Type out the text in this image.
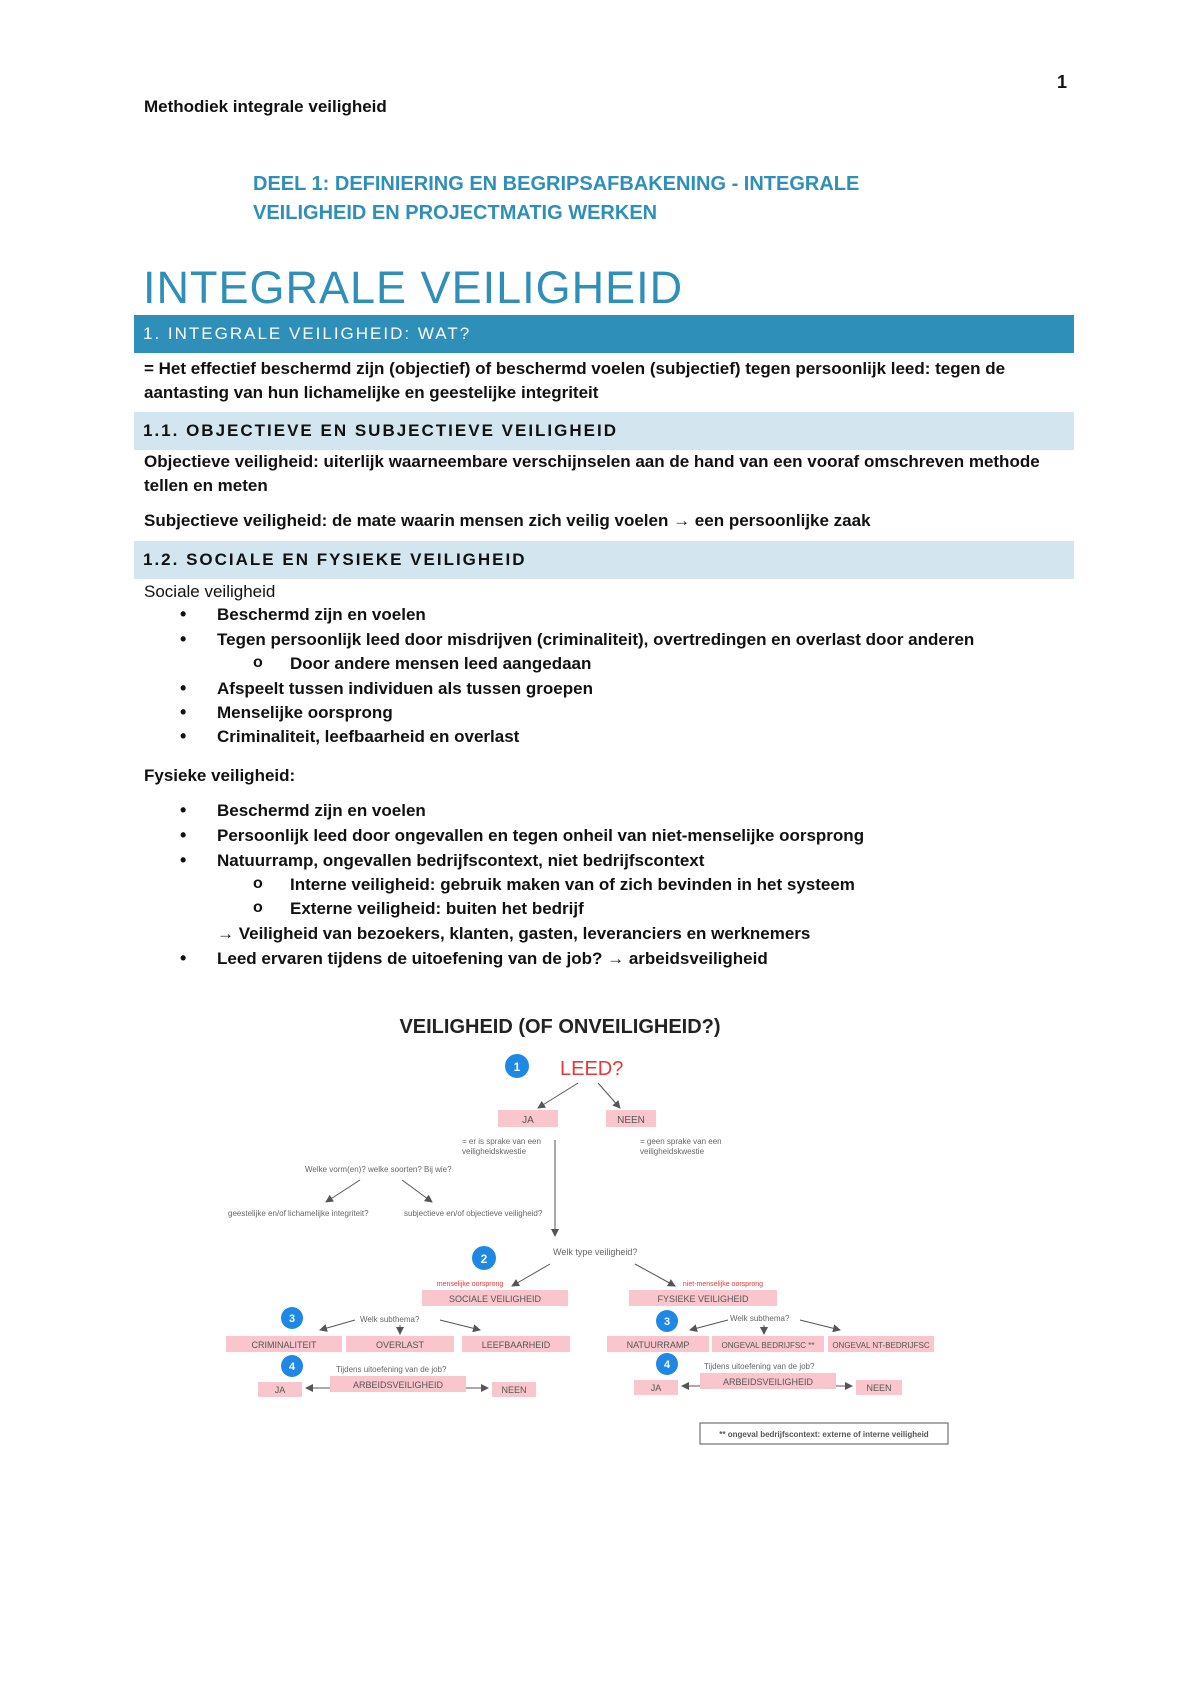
1
Methodiek integrale veiligheid
DEEL 1: DEFINIERING EN BEGRIPSAFBAKENING - INTEGRALE
VEILIGHEID EN PROJECTMATIG WERKEN
INTEGRALE VEILIGHEID
1. INTEGRALE VEILIGHEID: WAT?
= Het effectief beschermd zijn (objectief) of beschermd voelen (subjectief) tegen persoonlijk leed: tegen de aantasting van hun lichamelijke en geestelijke integriteit
1.1. OBJECTIEVE EN SUBJECTIEVE VEILIGHEID
Objectieve veiligheid: uiterlijk waarneembare verschijnselen aan de hand van een vooraf omschreven methode tellen en meten
Subjectieve veiligheid: de mate waarin mensen zich veilig voelen → een persoonlijke zaak
1.2. SOCIALE EN FYSIEKE VEILIGHEID
Sociale veiligheid
• Beschermd zijn en voelen
• Tegen persoonlijk leed door misdrijven (criminaliteit), overtredingen en overlast door anderen
o Door andere mensen leed aangedaan
• Afspeelt tussen individuen als tussen groepen
• Menselijke oorsprong
• Criminaliteit, leefbaarheid en overlast
Fysieke veiligheid:
• Beschermd zijn en voelen
• Persoonlijk leed door ongevallen en tegen onheil van niet-menselijke oorsprong
• Natuurramp, ongevallen bedrijfscontext, niet bedrijfscontext
o Interne veiligheid: gebruik maken van of zich bevinden in het systeem
o Externe veiligheid: buiten het bedrijf
→ Veiligheid van bezoekers, klanten, gasten, leveranciers en werknemers
• Leed ervaren tijdens de uitoefening van de job? → arbeidsveiligheid
VEILIGHEID (OF ONVEILIGHEID?)
1 LEED?
JA	NEEN
= er is sprake van een
veiligheidskwestie
= geen sprake van een
veiligheidskwestie
Welke vorm(en)? welke soorten? Bij wie?
geestelijke en/of lichamelijke integriteit?	subjectieve en/of objectieve veiligheid?
2	Welk type veiligheid?
menselijke oorsprong	niet-menselijke oorsprong
SOCIALE VEILIGHEID	FYSIEKE VEILIGHEID
3	Welk subthema?
CRIMINALITEIT	OVERLAST	LEEFBAARHEID
3	Welk subthema?
NATUURRAMP	ONGEVAL BEDRIJFSC ** ONGEVAL NT-BEDRIJFSC
4	Tijdens uitoefening van de job?
ARBEIDSVEILIGHEID
JA	NEEN
4	Tijdens uitoefening van de job?
ARBEIDSVEILIGHEID
JA	NEEN
** ongeval bedrijfscontext: externe of interne veiligheid
